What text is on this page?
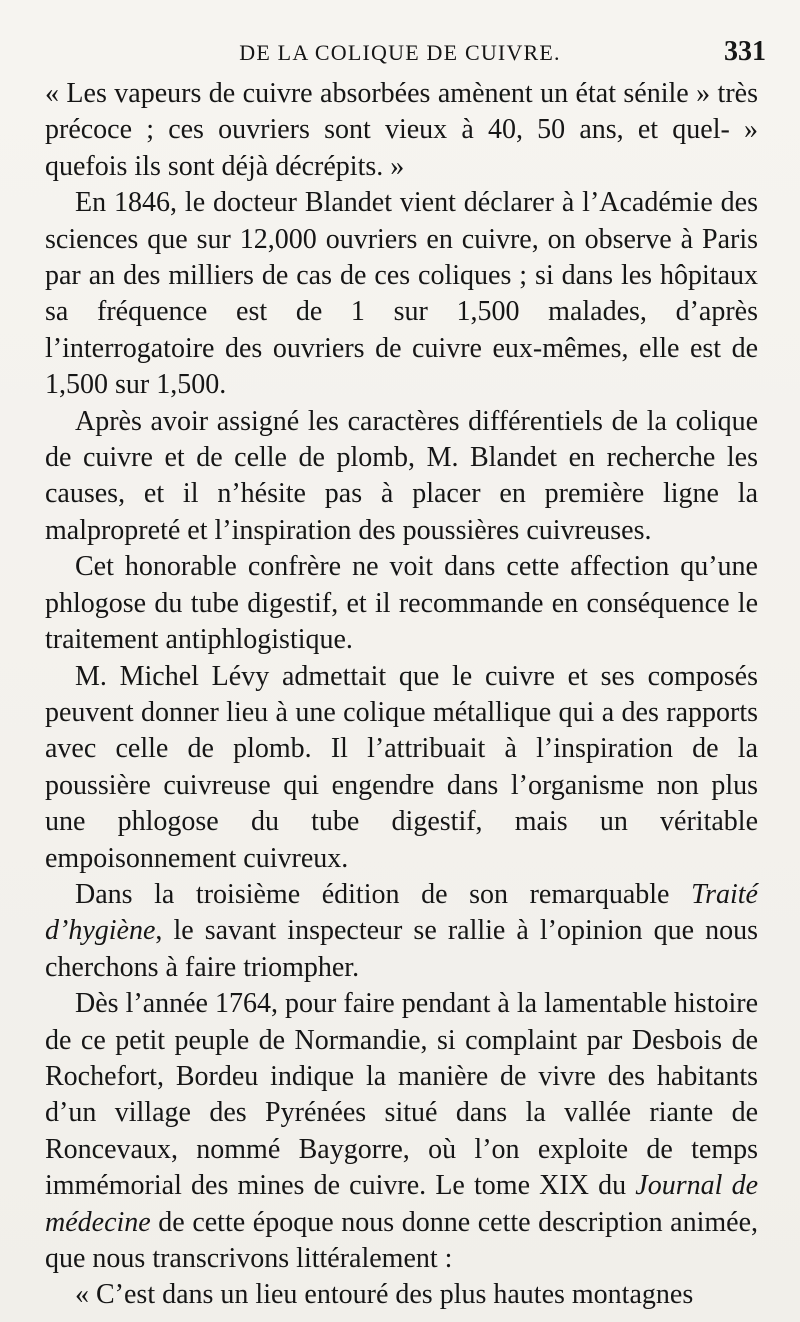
DE LA COLIQUE DE CUIVRE.	331

« Les vapeurs de cuivre absorbées amènent un état sénile » très précoce ; ces ouvriers sont vieux à 40, 50 ans, et quel- » quefois ils sont déjà décrépits. »

En 1846, le docteur Blandet vient déclarer à l’Académie des sciences que sur 12,000 ouvriers en cuivre, on observe à Paris par an des milliers de cas de ces coliques ; si dans les hôpitaux sa fréquence est de 1 sur 1,500 malades, d’après l’interrogatoire des ouvriers de cuivre eux-mêmes, elle est de 1,500 sur 1,500.

Après avoir assigné les caractères différentiels de la colique de cuivre et de celle de plomb, M. Blandet en recherche les causes, et il n’hésite pas à placer en première ligne la malpropreté et l’inspiration des poussières cuivreuses.

Cet honorable confrère ne voit dans cette affection qu’une phlogose du tube digestif, et il recommande en conséquence le traitement antiphlogistique.

M. Michel Lévy admettait que le cuivre et ses composés peuvent donner lieu à une colique métallique qui a des rapports avec celle de plomb. Il l’attribuait à l’inspiration de la poussière cuivreuse qui engendre dans l’organisme non plus une phlogose du tube digestif, mais un véritable empoisonnement cuivreux.

Dans la troisième édition de son remarquable Traité d’hygiène, le savant inspecteur se rallie à l’opinion que nous cherchons à faire triompher.

Dès l’année 1764, pour faire pendant à la lamentable histoire de ce petit peuple de Normandie, si complaint par Desbois de Rochefort, Bordeu indique la manière de vivre des habitants d’un village des Pyrénées situé dans la vallée riante de Roncevaux, nommé Baygorre, où l’on exploite de temps immémorial des mines de cuivre. Le tome XIX du Journal de médecine de cette époque nous donne cette description animée, que nous transcrivons littéralement :

« C’est dans un lieu entouré des plus hautes montagnes
